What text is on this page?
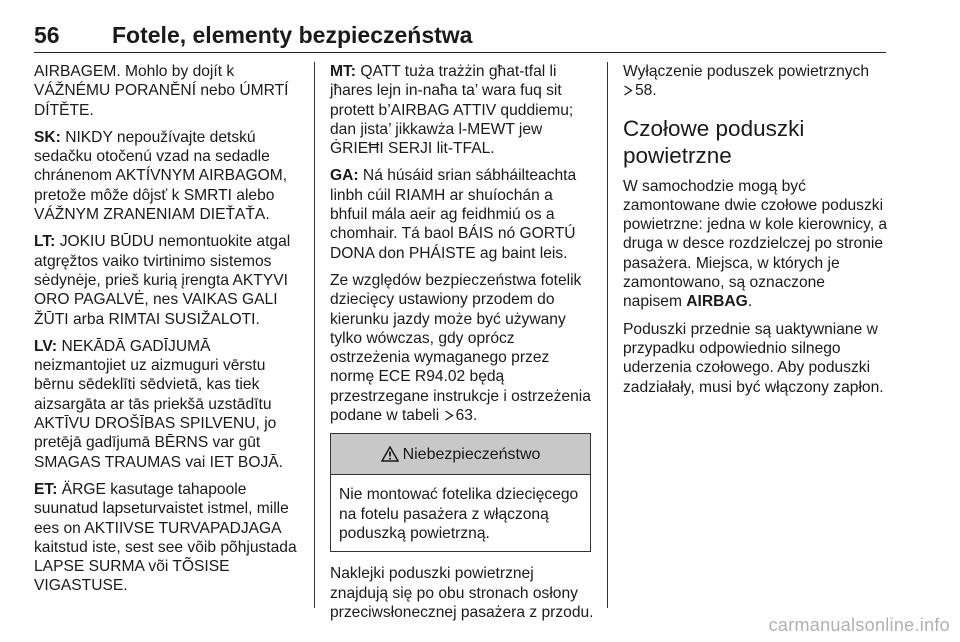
56 Fotele, elementy bezpieczeństwa

AIRBAGEM. Mohlo by dojít k VÁŽNÉMU PORANĚNÍ nebo ÚMRTÍ DÍTĚTE.

SK: NIKDY nepoužívajte detskú sedačku otočenú vzad na sedadle chránenom AKTÍVNYM AIRBAGOM, pretože môže dôjsť k SMRTI alebo VÁŽNYM ZRANENIAM DIEŤAŤA.

LT: JOKIU BŪDU nemontuokite atgal atgręžtos vaiko tvirtinimo sistemos sėdynėje, prieš kurią įrengta AKTYVI ORO PAGALVĖ, nes VAIKAS GALI ŽŪTI arba RIMTAI SUSIŽALOTI.

LV: NEKĀDĀ GADĪJUMĀ neizmantojiet uz aizmuguri vērstu bērnu sēdeklīti sēdvietā, kas tiek aizsargāta ar tās priekšā uzstādītu AKTĪVU DROŠĪBAS SPILVENU, jo pretējā gadījumā BĒRNS var gūt SMAGAS TRAUMAS vai IET BOJĀ.

ET: ÄRGE kasutage tahapoole suunatud lapseturvaistet istmel, mille ees on AKTIIVSE TURVAPADJAGA kaitstud iste, sest see võib põhjustada LAPSE SURMA või TÕSISE VIGASTUSE.

MT: QATT tuża trażżin għat-tfal li jħares lejn in-naħa ta’ wara fuq sit protett b’AIRBAG ATTIV quddiemu; dan jista’ jikkawża l-MEWT jew ĠRIEĦI SERJI lit-TFAL.

GA: Ná húsáid srian sábháilteachta linbh cúil RIAMH ar shuíochán a bhfuil mála aeir ag feidhmiú os a chomhair. Tá baol BÁIS nó GORTÚ DONA don PHÁISTE ag baint leis.

Ze względów bezpieczeństwa fotelik dziecięcy ustawiony przodem do kierunku jazdy może być używany tylko wówczas, gdy oprócz ostrzeżenia wymaganego przez normę ECE R94.02 będą przestrzegane instrukcje i ostrzeżenia podane w tabeli 63.

Niebezpieczeństwo
Nie montować fotelika dziecięcego na fotelu pasażera z włączoną poduszką powietrzną.

Naklejki poduszki powietrznej znajdują się po obu stronach osłony przeciwsłonecznej pasażera z przodu.

Wyłączenie poduszek powietrznych

58.

Czołowe poduszki powietrzne

W samochodzie mogą być zamontowane dwie czołowe poduszki powietrzne: jedna w kole kierownicy, a druga w desce rozdzielczej po stronie pasażera. Miejsca, w których je zamontowano, są oznaczone napisem AIRBAG.

Poduszki przednie są uaktywniane w przypadku odpowiednio silnego uderzenia czołowego. Aby poduszki zadziałały, musi być włączony zapłon.

carmanualsonline.info
